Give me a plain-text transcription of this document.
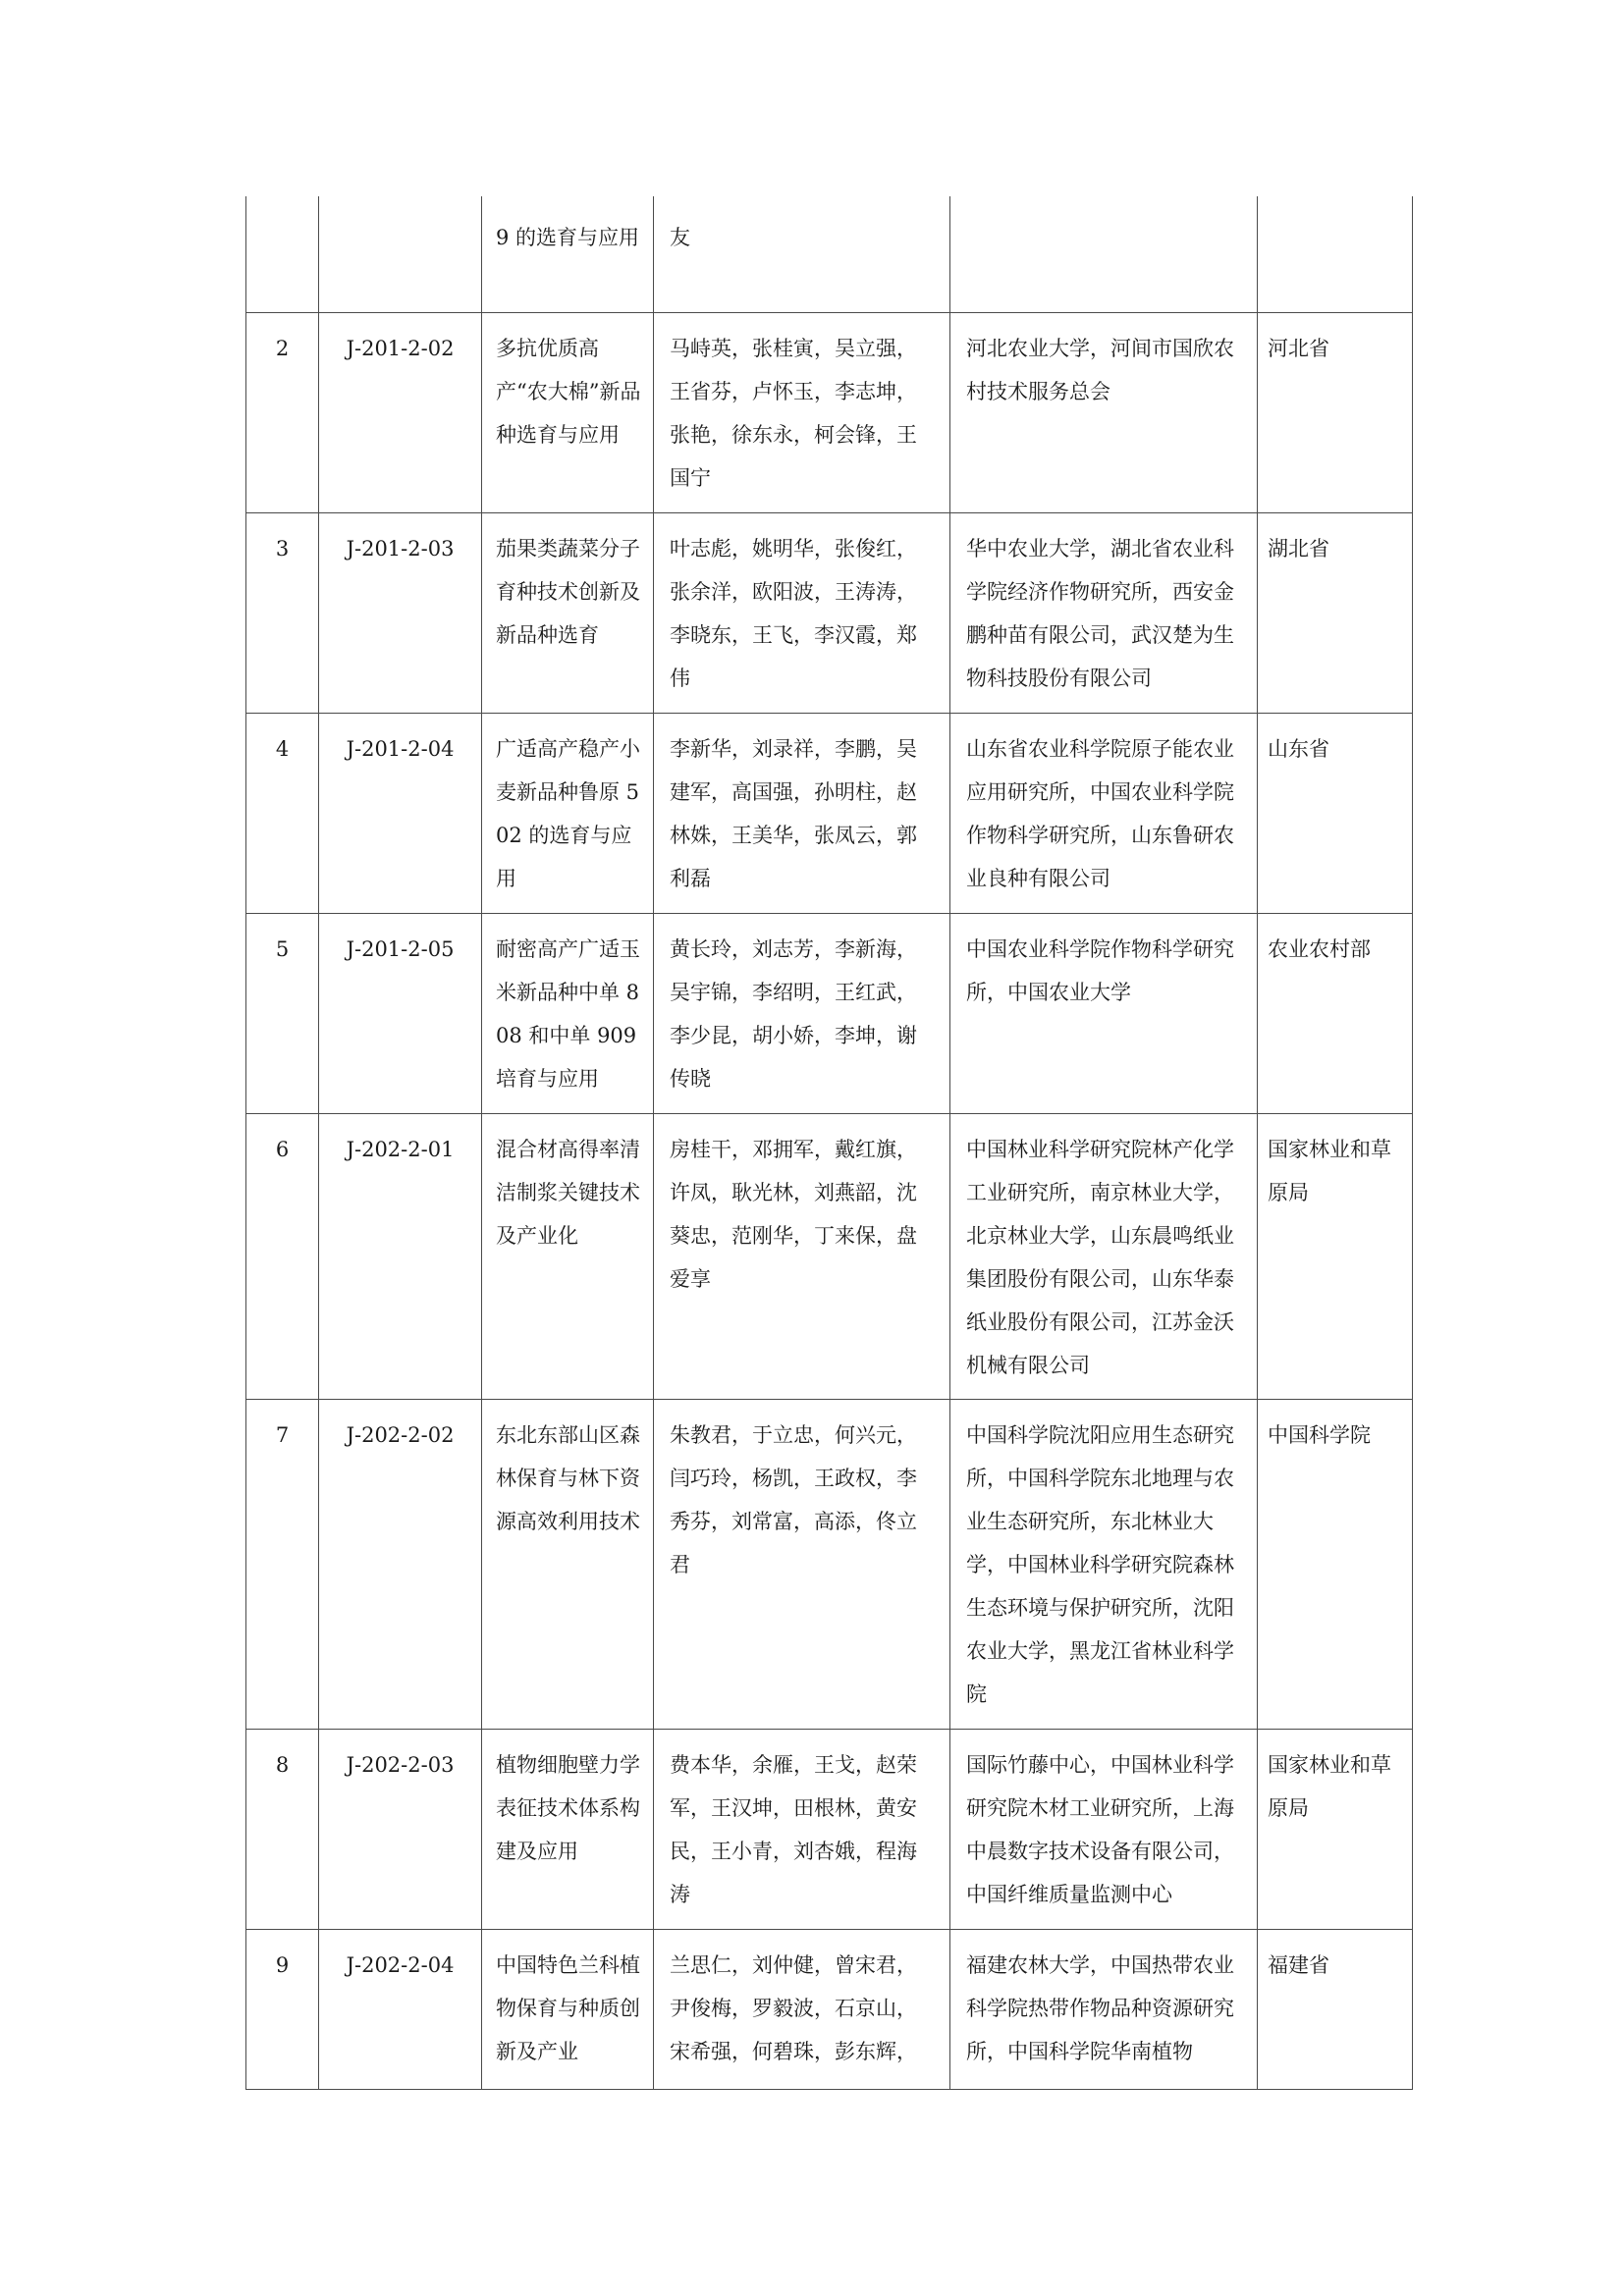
		9 的选育与应用	友		
2	J-201-2-02	多抗优质高产“农大棉”新品种选育与应用	马峙英，张桂寅，吴立强，王省芬，卢怀玉，李志坤，张艳，徐东永，柯会锋，王国宁	河北农业大学，河间市国欣农村技术服务总会	河北省
3	J-201-2-03	茄果类蔬菜分子育种技术创新及新品种选育	叶志彪，姚明华，张俊红，张余洋，欧阳波，王涛涛，李晓东，王飞，李汉霞，郑伟	华中农业大学，湖北省农业科学院经济作物研究所，西安金鹏种苗有限公司，武汉楚为生物科技股份有限公司	湖北省
4	J-201-2-04	广适高产稳产小麦新品种鲁原 502 的选育与应用	李新华，刘录祥，李鹏，吴建军，高国强，孙明柱，赵林姝，王美华，张凤云，郭利磊	山东省农业科学院原子能农业应用研究所，中国农业科学院作物科学研究所，山东鲁研农业良种有限公司	山东省
5	J-201-2-05	耐密高产广适玉米新品种中单 808 和中单 909 培育与应用	黄长玲，刘志芳，李新海，吴宇锦，李绍明，王红武，李少昆，胡小娇，李坤，谢传晓	中国农业科学院作物科学研究所，中国农业大学	农业农村部
6	J-202-2-01	混合材高得率清洁制浆关键技术及产业化	房桂干，邓拥军，戴红旗，许凤，耿光林，刘燕韶，沈葵忠，范刚华，丁来保，盘爱享	中国林业科学研究院林产化学工业研究所，南京林业大学，北京林业大学，山东晨鸣纸业集团股份有限公司，山东华泰纸业股份有限公司，江苏金沃机械有限公司	国家林业和草原局
7	J-202-2-02	东北东部山区森林保育与林下资源高效利用技术	朱教君，于立忠，何兴元，闫巧玲，杨凯，王政权，李秀芬，刘常富，高添，佟立君	中国科学院沈阳应用生态研究所，中国科学院东北地理与农业生态研究所，东北林业大学，中国林业科学研究院森林生态环境与保护研究所，沈阳农业大学，黑龙江省林业科学院	中国科学院
8	J-202-2-03	植物细胞壁力学表征技术体系构建及应用	费本华，余雁，王戈，赵荣军，王汉坤，田根林，黄安民，王小青，刘杏娥，程海涛	国际竹藤中心，中国林业科学研究院木材工业研究所，上海中晨数字技术设备有限公司，中国纤维质量监测中心	国家林业和草原局
9	J-202-2-04	中国特色兰科植物保育与种质创新及产业	兰思仁，刘仲健，曾宋君，尹俊梅，罗毅波，石京山，宋希强，何碧珠，彭东辉，	福建农林大学，中国热带农业科学院热带作物品种资源研究所，中国科学院华南植物	福建省
